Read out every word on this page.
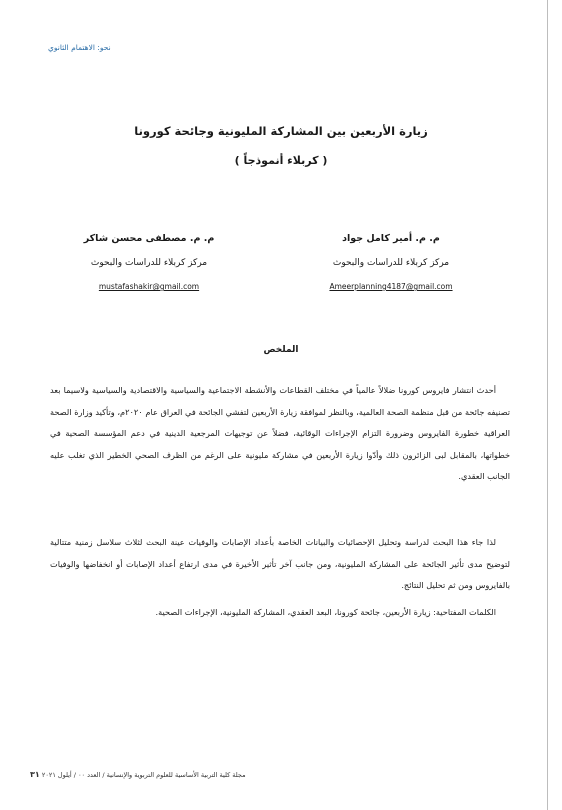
نحو: الاهتمام الثانوي
زيارة الأربعين بين المشاركة المليونية وجائحة كورونا
( كربلاء أنموذجاً )
م. م. أمير كامل جواد
مركز كربلاء للدراسات والبحوث
Ameerplanning4187@gmail.com
م. م. مصطفى محسن شاكر
مركز كربلاء للدراسات والبحوث
mustafashakir@gmail.com
الملخص

أحدث انتشار فايروس كورونا ضلالاً عالمياً في مختلف القطاعات والأنشطة الاجتماعية والسياسية والاقتصادية والسياسية ولاسيما بعد تصنيفه جائحة من قبل منظمة الصحة العالمية، وبالنظر لموافقة زيارة الأربعين لتفشي الجائحة في العراق عام ٢٠٢٠م، وتأكيد وزارة الصحة العراقية خطورة الفايروس وضرورة التزام الإجراءات الوقائية، فضلاً عن توجيهات المرجعية الدينية في دعم المؤسسة الصحية في خطواتها، بالمقابل لبى الزائرون ذلك وأدّوا زيارة الأربعين في مشاركة مليونية على الرغم من الظرف الصحي الخطير الذي تغلب عليه الجانب العقدي.

لذا جاء هذا البحث لدراسة وتحليل الإحصائيات والبيانات الخاصة بأعداد الإصابات والوفيات عينة البحث لثلاث سلاسل زمنية متتالية لتوضيح مدى تأثير الجائحة على المشاركة المليونية، ومن جانب آخر تأثير الأخيرة في مدى ارتفاع أعداد الإصابات أو انخفاضها والوفيات بالفايروس ومن ثم تحليل النتائج.

الكلمات المفتاحية: زيارة الأربعين، جائحة كورونا، البعد العقدي، المشاركة المليونية، الإجراءات الصحية.

مجلة كلية التربية الأساسية للعلوم التربوية والإنسانية / العدد ٠٠ / أيلول ٢٠٢١ ٣١
